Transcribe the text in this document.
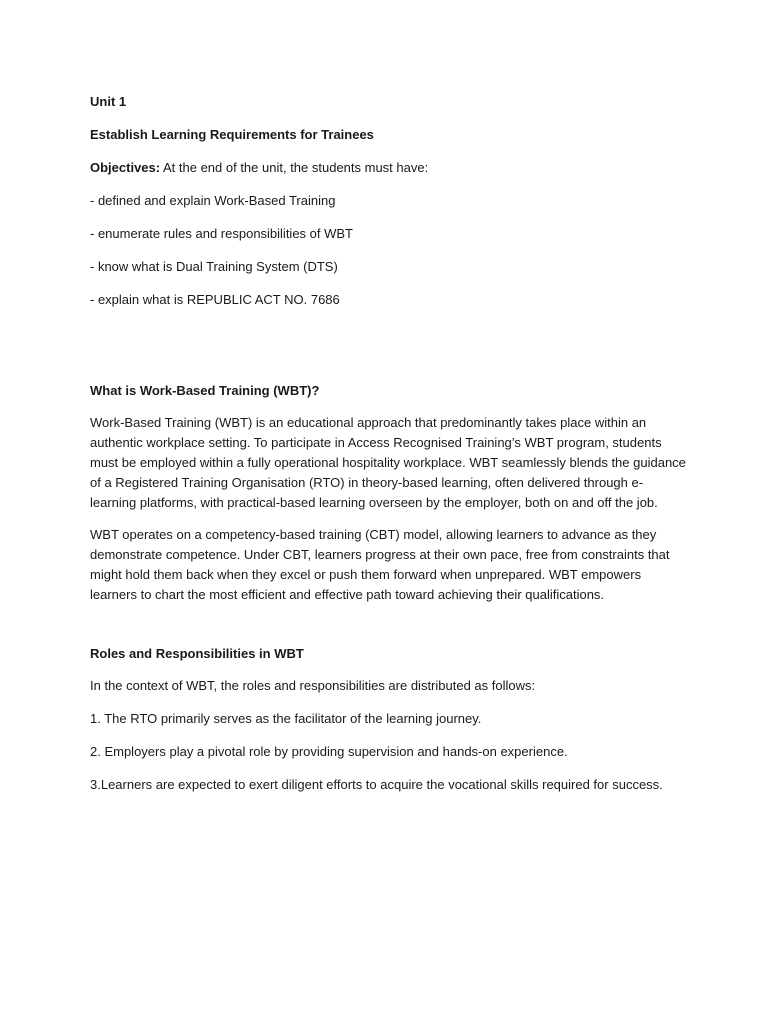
Unit 1

Establish Learning Requirements for Trainees

Objectives: At the end of the unit, the students must have:

- defined and explain Work-Based Training

- enumerate rules and responsibilities of WBT

- know what is Dual Training System (DTS)

- explain what is REPUBLIC ACT NO. 7686

What is Work-Based Training (WBT)?

Work-Based Training (WBT) is an educational approach that predominantly takes place within an authentic workplace setting. To participate in Access Recognised Training’s WBT program, students must be employed within a fully operational hospitality workplace. WBT seamlessly blends the guidance of a Registered Training Organisation (RTO) in theory-based learning, often delivered through e-learning platforms, with practical-based learning overseen by the employer, both on and off the job.

WBT operates on a competency-based training (CBT) model, allowing learners to advance as they demonstrate competence. Under CBT, learners progress at their own pace, free from constraints that might hold them back when they excel or push them forward when unprepared. WBT empowers learners to chart the most efficient and effective path toward achieving their qualifications.

Roles and Responsibilities in WBT

In the context of WBT, the roles and responsibilities are distributed as follows:

1. The RTO primarily serves as the facilitator of the learning journey.

2. Employers play a pivotal role by providing supervision and hands-on experience.

3.Learners are expected to exert diligent efforts to acquire the vocational skills required for success.
